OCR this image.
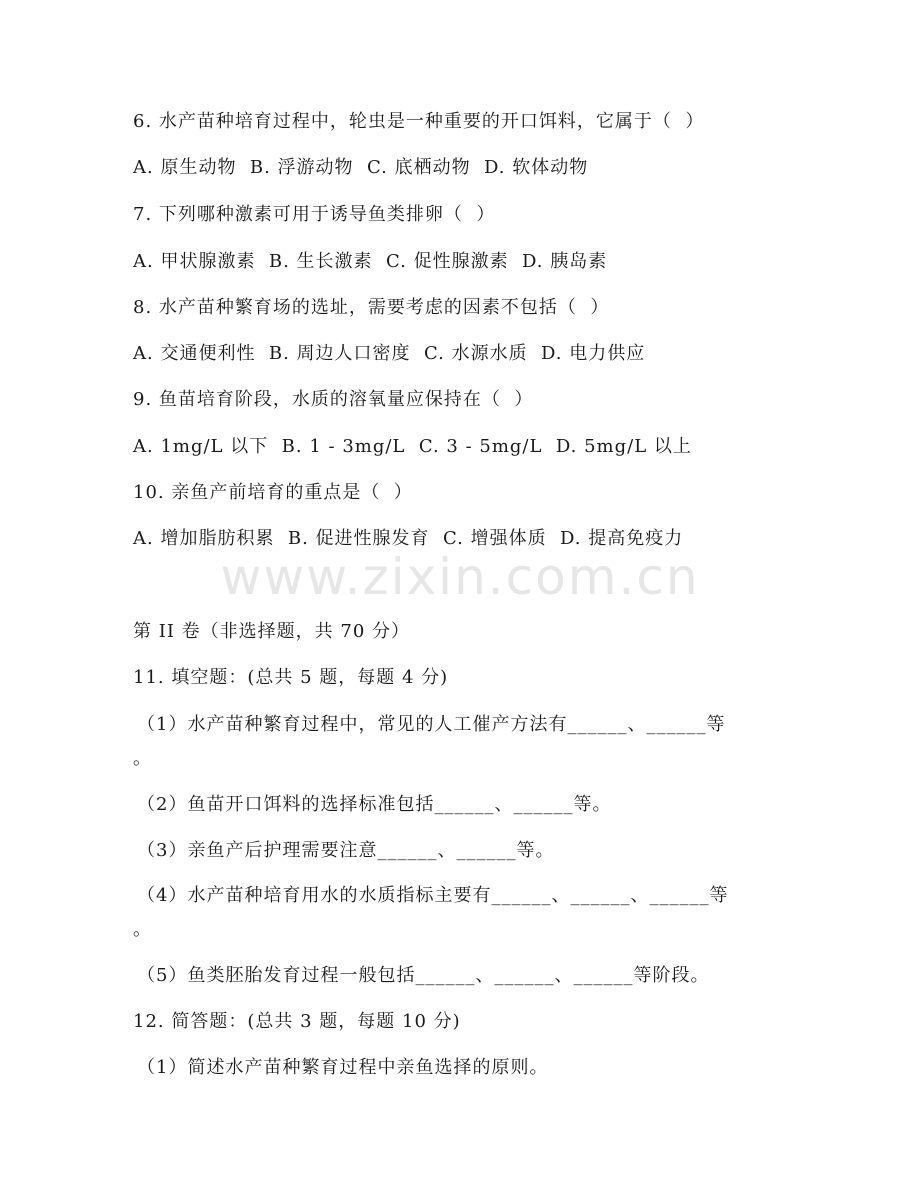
www.zixin.com.cn
6. 水产苗种培育过程中，轮虫是一种重要的开口饵料，它属于（  ）
A. 原生动物  B. 浮游动物  C. 底栖动物  D. 软体动物
7. 下列哪种激素可用于诱导鱼类排卵（  ）
A. 甲状腺激素  B. 生长激素  C. 促性腺激素  D. 胰岛素
8. 水产苗种繁育场的选址，需要考虑的因素不包括（  ）
A. 交通便利性  B. 周边人口密度  C. 水源水质  D. 电力供应
9. 鱼苗培育阶段，水质的溶氧量应保持在（  ）
A. 1mg/L 以下  B. 1 - 3mg/L  C. 3 - 5mg/L  D. 5mg/L 以上
10. 亲鱼产前培育的重点是（  ）
A. 增加脂肪积累  B. 促进性腺发育  C. 增强体质  D. 提高免疫力
第 II 卷（非选择题，共 70 分）
11. 填空题：(总共 5 题，每题 4 分)
（1）水产苗种繁育过程中，常见的人工催产方法有______、______等
。
（2）鱼苗开口饵料的选择标准包括______、______等。
（3）亲鱼产后护理需要注意______、______等。
（4）水产苗种培育用水的水质指标主要有______、______、______等
。
（5）鱼类胚胎发育过程一般包括______、______、______等阶段。
12. 简答题：(总共 3 题，每题 10 分)
（1）简述水产苗种繁育过程中亲鱼选择的原则。
